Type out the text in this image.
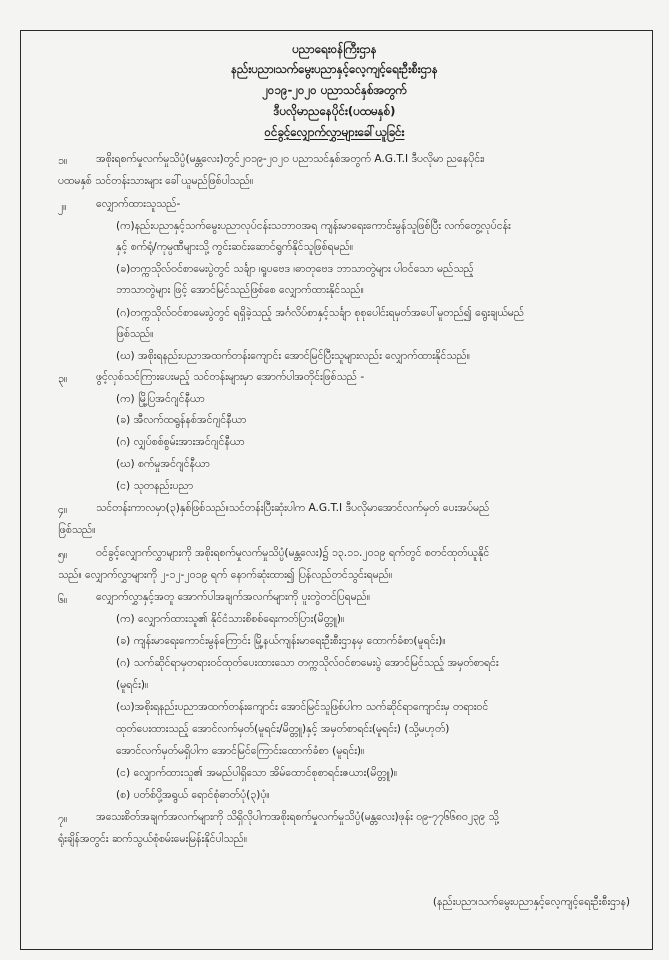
ပညာရေးဝန်ကြီးဌာန
နည်းပညာ၊သက်မွေးပညာနှင့်လေ့ကျင့်ရေးဦးစီးဌာန
၂၀၁၉-၂၀၂၀ ပညာသင်နှစ်အတွက်
ဒီပလိုမာညနေပိုင်း(ပထမနှစ်)
ဝင်ခွင့်လျှောက်လွှာများခေါ်ယူခြင်း
၁။	အစိုးရစက်မှုလက်မှုသိပ္ပံ(မန္တလေး)တွင်၂၀၁၉-၂၀၂၀ ပညာသင်နှစ်အတွက် A.G.T.I ဒီပလိုမာ ညနေပိုင်း၊
ပထမနှစ် သင်တန်းသားများ ခေါ်ယူမည်ဖြစ်ပါသည်။
၂။	လျှောက်ထားသူသည်-
(က)နည်းပညာနှင့်သက်မွေးပညာလုပ်ငန်းသဘာဝအရ ကျန်းမာရေးကောင်းမွန်သူဖြစ်ပြီး လက်တွေ့လုပ်ငန်း
နှင့် စက်ရုံ/ကုမ္ပဏီများသို့ ကွင်းဆင်းဆောင်ရွက်နိုင်သူဖြစ်ရမည်။
(ခ)တက္ကသိုလ်ဝင်စာမေးပွဲတွင် သင်္ချာ ၊ရူပဗေဒ ၊ဓာတုဗေဒ ဘာသာတွဲများ ပါဝင်သော မည်သည့်
ဘာသာတွဲများ ဖြင့် အောင်မြင်သည်ဖြစ်စေ လျှောက်ထားနိုင်သည်။
(ဂ)တက္ကသိုလ်ဝင်စာမေးပွဲတွင် ရရှိခဲ့သည့် အင်္ဂလိပ်စာနှင့်သင်္ချာ စုစုပေါင်းရမှတ်အပေါ်မူတည်၍ ရွေးချယ်မည်
ဖြစ်သည်။
(ဃ) အစိုးရနည်းပညာအထက်တန်းကျောင်း အောင်မြင်ပြီးသူများလည်း လျှောက်ထားနိုင်သည်။
၃။	ဖွင့်လှစ်သင်ကြားပေးမည့် သင်တန်းများမှာ အောက်ပါအတိုင်းဖြစ်သည် -
(က) မြို့ပြအင်ဂျင်နီယာ
(ခ) အီလက်ထရွန်နစ်အင်ဂျင်နီယာ
(ဂ) လျှပ်စစ်စွမ်းအားအင်ဂျင်နီယာ
(ဃ) စက်မှုအင်ဂျင်နီယာ
(င) သုတနည်းပညာ
၄။	သင်တန်းကာလမှာ(၃)နှစ်ဖြစ်သည်။သင်တန်းပြီးဆုံးပါက A.G.T.I ဒီပလိုမာအောင်လက်မှတ် ပေးအပ်မည်
ဖြစ်သည်။
၅။	ဝင်ခွင့်လျှောက်လွှာများကို အစိုးရစက်မှုလက်မှုသိပ္ပံ(မန္တလေး)၌ ၁၃.၁၁.၂၀၁၉ ရက်တွင် စတင်ထုတ်ယူနိုင်
သည်။ လျှောက်လွှာများကို ၂-၁၂-၂၀၁၉ ရက် နောက်ဆုံးထား၍ ပြန်လည်တင်သွင်းရမည်။
၆။	လျှောက်လွှာနှင့်အတူ အောက်ပါအချက်အလက်များကို ပူးတွဲတင်ပြရမည်။
(က) လျှောက်ထားသူ၏ နိုင်ငံသားစိစစ်ရေးကတ်ပြား(မိတ္တူ)။
(ခ) ကျန်းမာရေးကောင်းမွန်ကြောင်း မြို့နယ်ကျန်းမာရေးဦးစီးဌာနမှ ထောက်ခံစာ(မူရင်း)။
(ဂ) သက်ဆိုင်ရာမှတရားဝင်ထုတ်ပေးထားသော တက္ကသိုလ်ဝင်စာမေးပွဲ အောင်မြင်သည့် အမှတ်စာရင်း
(မူရင်း)။
(ဃ)အစိုးရနည်းပညာအထက်တန်းကျောင်း အောင်မြင်သူဖြစ်ပါက သက်ဆိုင်ရာကျောင်းမှ တရားဝင်
ထုတ်ပေးထားသည့် အောင်လက်မှတ်(မူရင်း/မိတ္တူ)နှင့် အမှတ်စာရင်း(မူရင်း) (သို့မဟုတ်)
အောင်လက်မှတ်မရှိပါက အောင်မြင်ကြောင်းထောက်ခံစာ (မူရင်း)။
(င) လျှောက်ထားသူ၏ အမည်ပါရှိသော အိမ်ထောင်စုစာရင်းဇယား(မိတ္တူ)။
(စ) ပတ်စ်ပို့အရွယ် ရောင်စုံဓာတ်ပုံ(၃)ပုံ။
၇။	အသေးစိတ်အချက်အလက်များကို သိရှိလိုပါကအစိုးရစက်မှုလက်မှုသိပ္ပံ(မန္တလေး)ဖုန်း ၀၉-၇၇၆၆၈၀၂၃၉ သို့
ရုံးချိန်အတွင်း ဆက်သွယ်စုံစမ်းမေးမြန်းနိုင်ပါသည်။
(နည်းပညာ၊သက်မွေးပညာနှင့်လေ့ကျင့်ရေးဦးစီးဌာန)
